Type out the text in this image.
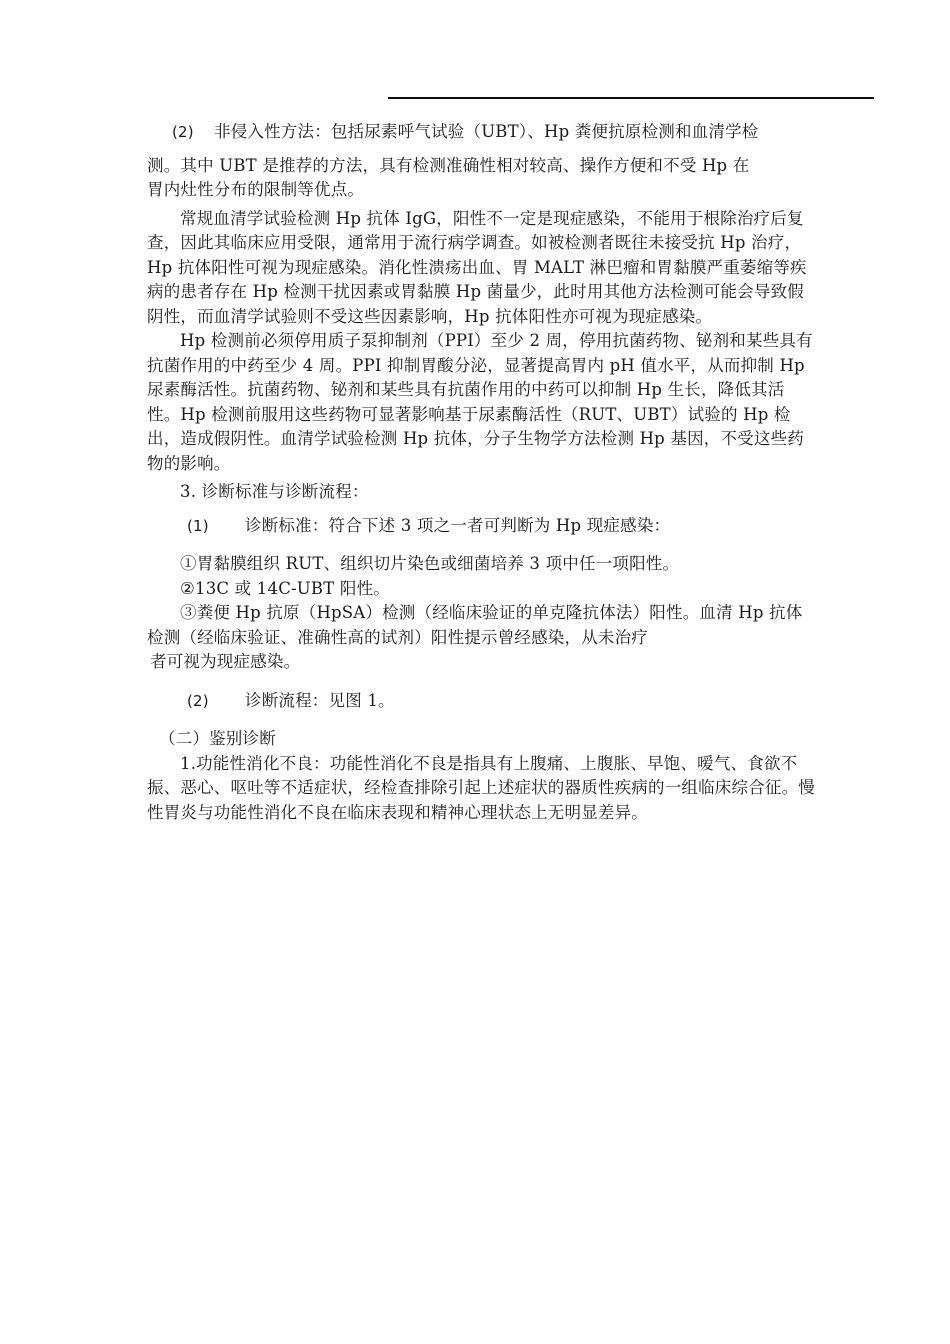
(2)	非侵入性方法：包括尿素呼气试验（UBT）、Hp 粪便抗原检测和血清学检

测。其中 UBT 是推荐的方法，具有检测准确性相对较高、操作方便和不受 Hp 在

胃内灶性分布的限制等优点。

常规血清学试验检测 Hp 抗体 IgG，阳性不一定是现症感染，不能用于根除治疗后复查，因此其临床应用受限，通常用于流行病学调查。如被检测者既往未接受抗 Hp 治疗，Hp 抗体阳性可视为现症感染。消化性溃疡出血、胃 MALT 淋巴瘤和胃黏膜严重萎缩等疾病的患者存在 Hp 检测干扰因素或胃黏膜 Hp 菌量少，此时用其他方法检测可能会导致假阴性，而血清学试验则不受这些因素影响，Hp 抗体阳性亦可视为现症感染。

Hp 检测前必须停用质子泵抑制剂（PPI）至少 2 周，停用抗菌药物、铋剂和某些具有抗菌作用的中药至少 4 周。PPI 抑制胃酸分泌，显著提高胃内 pH 值水平，从而抑制 Hp 尿素酶活性。抗菌药物、铋剂和某些具有抗菌作用的中药可以抑制 Hp 生长，降低其活性。Hp 检测前服用这些药物可显著影响基于尿素酶活性（RUT、UBT）试验的 Hp 检出，造成假阴性。血清学试验检测 Hp 抗体，分子生物学方法检测 Hp 基因，不受这些药物的影响。

3. 诊断标准与诊断流程：

(1)	诊断标准：符合下述 3 项之一者可判断为 Hp 现症感染：

①胃黏膜组织 RUT、组织切片染色或细菌培养 3 项中任一项阳性。

②13C 或 14C-UBT 阳性。

③粪便 Hp 抗原（HpSA）检测（经临床验证的单克隆抗体法）阳性。血清 Hp 抗体检测（经临床验证、准确性高的试剂）阳性提示曾经感染，从未治疗

者可视为现症感染。

(2)	诊断流程：见图 1。

（二）鉴别诊断

1.功能性消化不良：功能性消化不良是指具有上腹痛、上腹胀、早饱、嗳气、食欲不振、恶心、呕吐等不适症状，经检查排除引起上述症状的器质性疾病的一组临床综合征。慢性胃炎与功能性消化不良在临床表现和精神心理状态上无明显差异。
